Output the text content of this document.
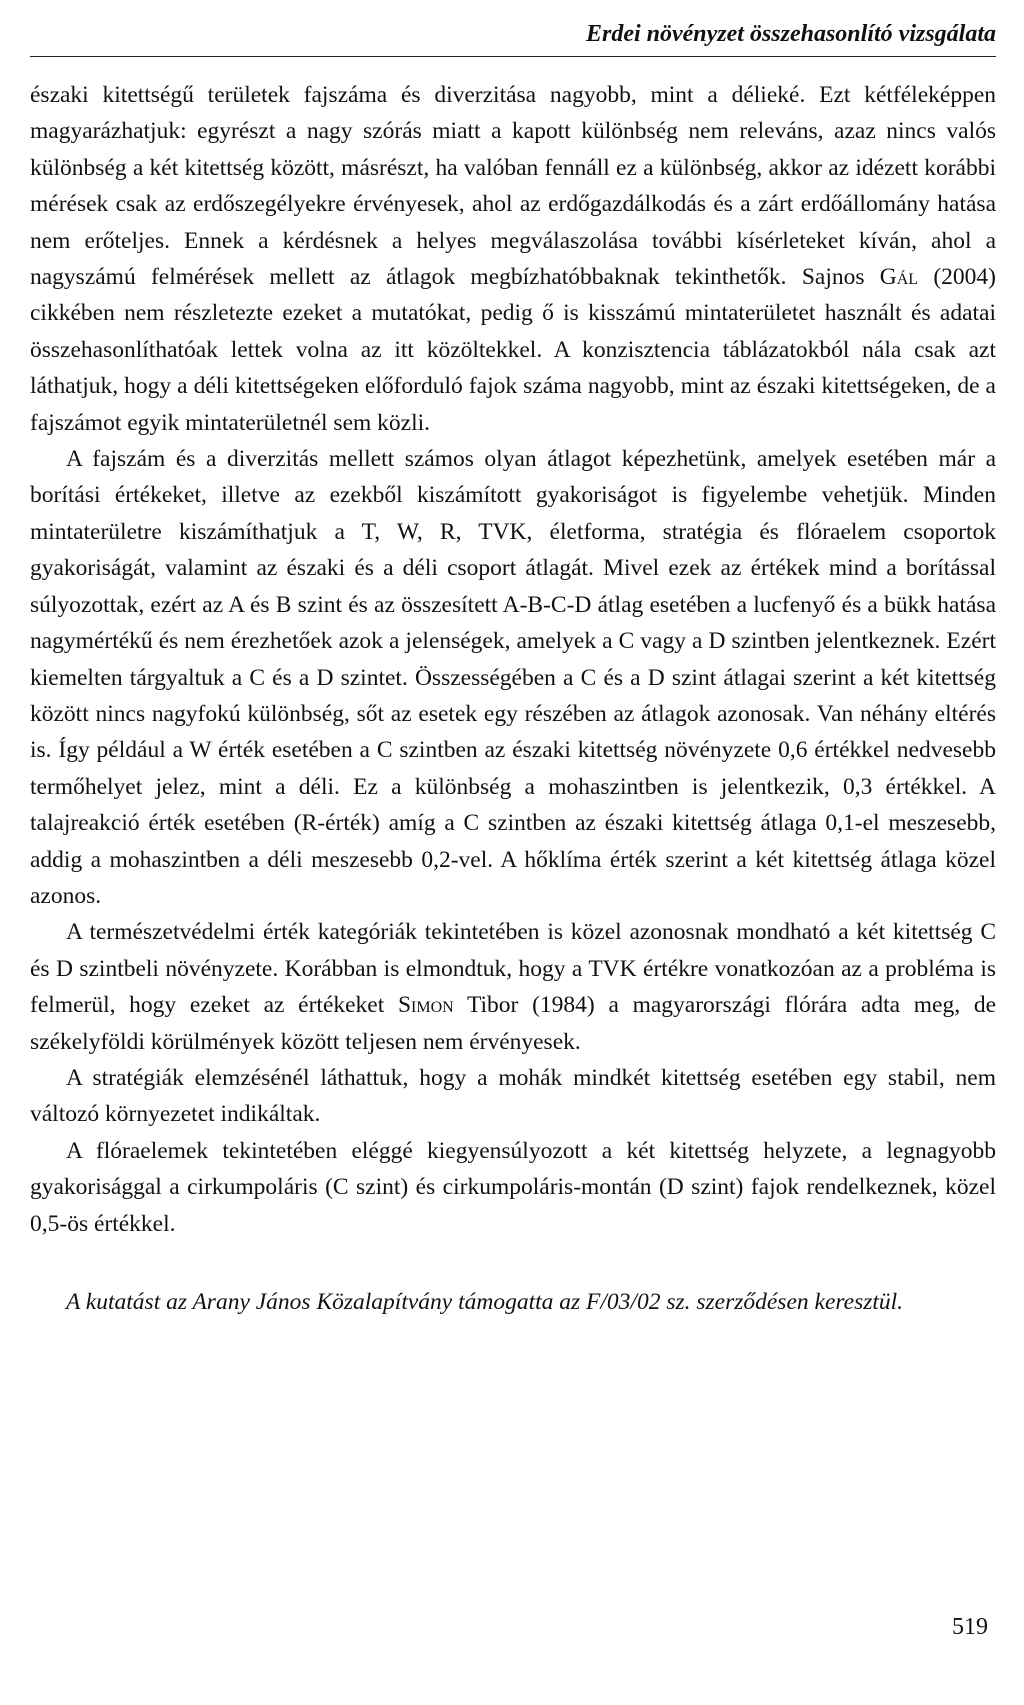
Erdei növényzet összehasonlító vizsgálata

északi kitettségű területek fajszáma és diverzitása nagyobb, mint a délieké. Ezt kétféleképpen magyarázhatjuk: egyrészt a nagy szórás miatt a kapott különbség nem releváns, azaz nincs valós különbség a két kitettség között, másrészt, ha valóban fennáll ez a különbség, akkor az idézett korábbi mérések csak az erdőszegélyekre érvényesek, ahol az erdőgazdálkodás és a zárt erdőállomány hatása nem erőteljes. Ennek a kérdésnek a helyes megválaszolása további kísérleteket kíván, ahol a nagyszámú felmérések mellett az átlagok megbízhatóbbaknak tekinthetők. Sajnos Gál (2004) cikkében nem részletezte ezeket a mutatókat, pedig ő is kisszámú mintaterületet használt és adatai összehasonlíthatóak lettek volna az itt közöltekkel. A konzisztencia táblázatokból nála csak azt láthatjuk, hogy a déli kitettségeken előforduló fajok száma nagyobb, mint az északi kitettségeken, de a fajszámot egyik mintaterületnél sem közli.

A fajszám és a diverzitás mellett számos olyan átlagot képezhetünk, amelyek esetében már a borítási értékeket, illetve az ezekből kiszámított gyakoriságot is figyelembe vehetjük. Minden mintaterületre kiszámíthatjuk a T, W, R, TVK, életforma, stratégia és flóraelem csoportok gyakoriságát, valamint az északi és a déli csoport átlagát. Mivel ezek az értékek mind a borítással súlyozottak, ezért az A és B szint és az összesített A-B-C-D átlag esetében a lucfenyő és a bükk hatása nagymértékű és nem érezhetőek azok a jelenségek, amelyek a C vagy a D szintben jelentkeznek. Ezért kiemelten tárgyaltuk a C és a D szintet. Összességében a C és a D szint átlagai szerint a két kitettség között nincs nagyfokú különbség, sőt az esetek egy részében az átlagok azonosak. Van néhány eltérés is. Így például a W érték esetében a C szintben az északi kitettség növényzete 0,6 értékkel nedvesebb termőhelyet jelez, mint a déli. Ez a különbség a mohaszintben is jelentkezik, 0,3 értékkel. A talajreakció érték esetében (R-érték) amíg a C szintben az északi kitettség átlaga 0,1-el meszesebb, addig a mohaszintben a déli meszesebb 0,2-vel. A hőklíma érték szerint a két kitettség átlaga közel azonos.

A természetvédelmi érték kategóriák tekintetében is közel azonosnak mondható a két kitettség C és D szintbeli növényzete. Korábban is elmondtuk, hogy a TVK értékre vonatkozóan az a probléma is felmerül, hogy ezeket az értékeket Simon Tibor (1984) a magyarországi flórára adta meg, de székelyföldi körülmények között teljesen nem érvényesek.

A stratégiák elemzésénél láthattuk, hogy a mohák mindkét kitettség esetében egy stabil, nem változó környezetet indikáltak.

A flóraelemek tekintetében eléggé kiegyensúlyozott a két kitettség helyzete, a legnagyobb gyakorisággal a cirkumpoláris (C szint) és cirkumpoláris-montán (D szint) fajok rendelkeznek, közel 0,5-ös értékkel.

A kutatást az Arany János Közalapítvány támogatta az F/03/02 sz. szerződésen keresztül.
519
